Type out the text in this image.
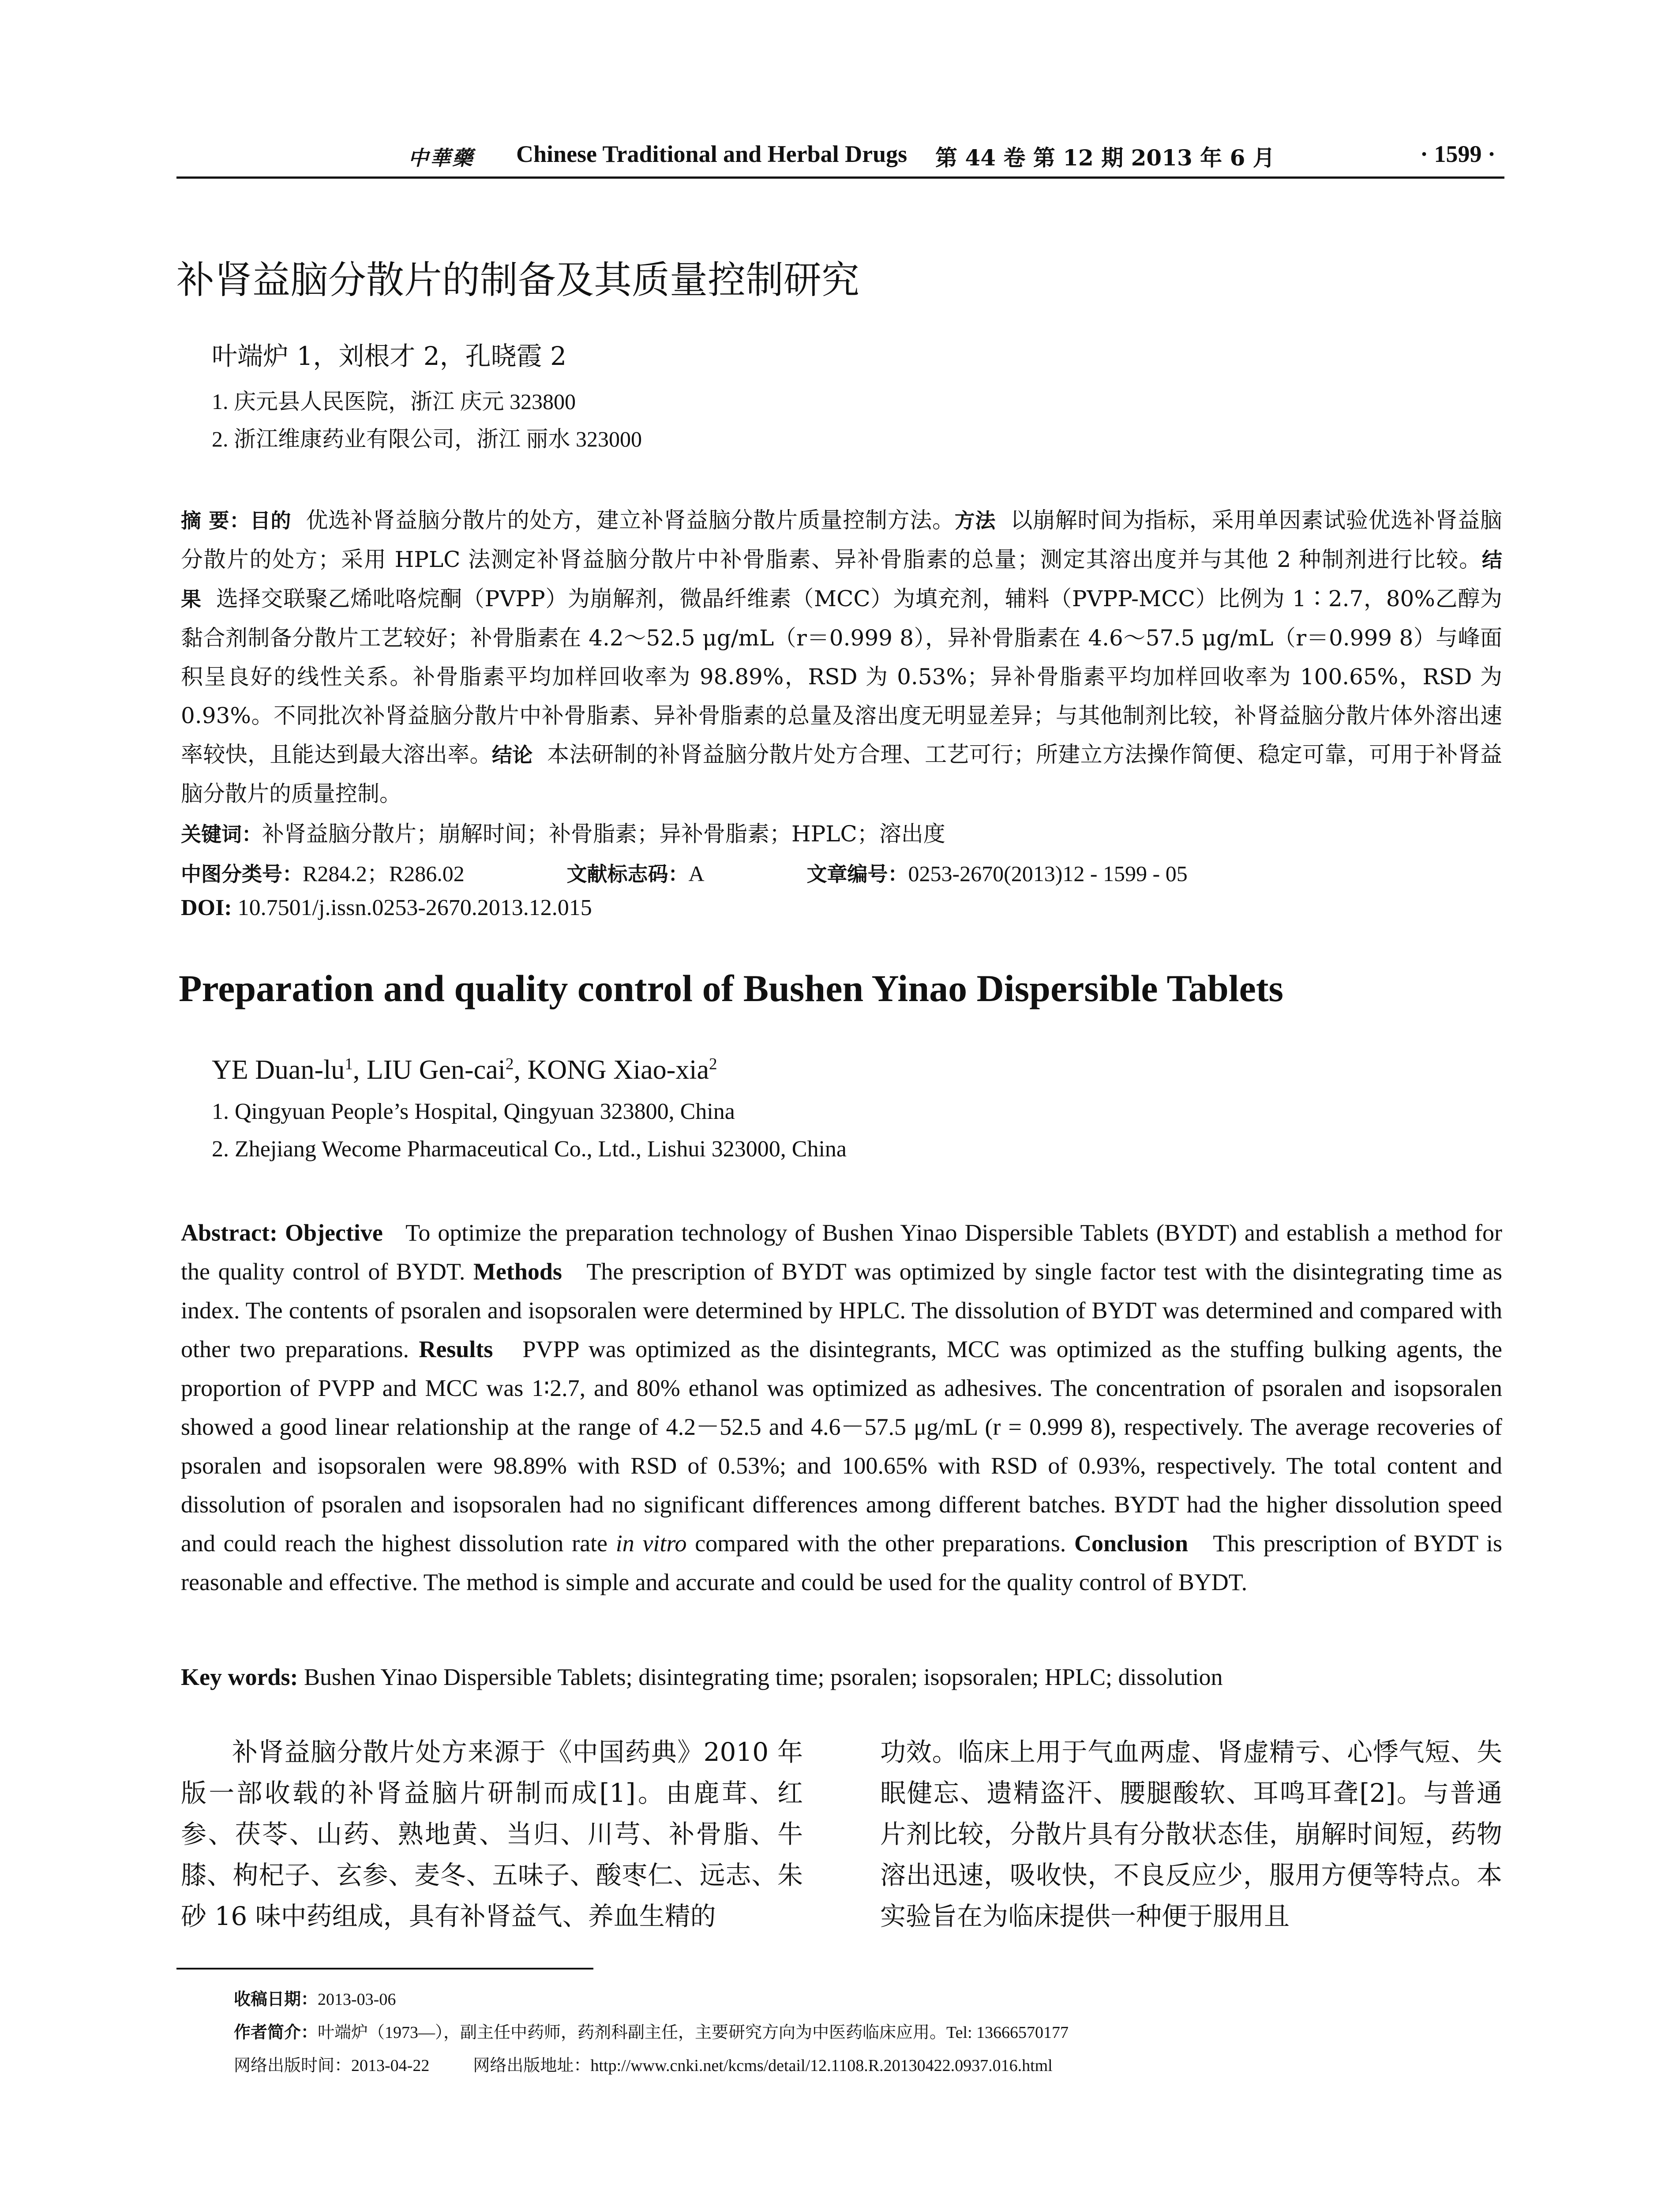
中華藥 Chinese Traditional and Herbal Drugs 第 44 卷 第 12 期 2013 年 6 月	· 1599 ·
补肾益脑分散片的制备及其质量控制研究
叶端炉 1，刘根才 2，孔晓霞 2
1. 庆元县人民医院，浙江 庆元 323800
2. 浙江维康药业有限公司，浙江 丽水 323000
摘 要：目的 优选补肾益脑分散片的处方，建立补肾益脑分散片质量控制方法。方法 以崩解时间为指标，采用单因素试验优选补肾益脑分散片的处方；采用 HPLC 法测定补肾益脑分散片中补骨脂素、异补骨脂素的总量；测定其溶出度并与其他 2 种制剂进行比较。结果 选择交联聚乙烯吡咯烷酮（PVPP）为崩解剂，微晶纤维素（MCC）为填充剂，辅料（PVPP-MCC）比例为 1∶2.7，80%乙醇为黏合剂制备分散片工艺较好；补骨脂素在 4.2～52.5 μg/mL（r＝0.999 8），异补骨脂素在 4.6～57.5 μg/mL（r＝0.999 8）与峰面积呈良好的线性关系。补骨脂素平均加样回收率为 98.89%，RSD 为 0.53%；异补骨脂素平均加样回收率为 100.65%，RSD 为 0.93%。不同批次补肾益脑分散片中补骨脂素、异补骨脂素的总量及溶出度无明显差异；与其他制剂比较，补肾益脑分散片体外溶出速率较快，且能达到最大溶出率。结论 本法研制的补肾益脑分散片处方合理、工艺可行；所建立方法操作简便、稳定可靠，可用于补肾益脑分散片的质量控制。
关键词：补肾益脑分散片；崩解时间；补骨脂素；异补骨脂素；HPLC；溶出度
中图分类号：R284.2；R286.02	文献标志码：A	文章编号：0253-2670(2013)12 - 1599 - 05
DOI: 10.7501/j.issn.0253-2670.2013.12.015
Preparation and quality control of Bushen Yinao Dispersible Tablets
YE Duan-$lu^1$, LIU Gen-cai$^2$, KONG Xiao-xia$^2$
1. Qingyuan People’s Hospital, Qingyuan 323800, China
2. Zhejiang Wecome Pharmaceutical Co., Ltd., Lishui 323000, China
Abstract: Objective To optimize the preparation technology of Bushen Yinao Dispersible Tablets (BYDT) and establish a method for the quality control of BYDT. Methods The prescription of BYDT was optimized by single factor test with the disintegrating time as index. The contents of psoralen and isopsoralen were determined by HPLC. The dissolution of BYDT was determined and compared with other two preparations. Results PVPP was optimized as the disintegrants, MCC was optimized as the stuffing bulking agents, the proportion of PVPP and MCC was 1∶2.7, and 80% ethanol was optimized as adhesives. The concentration of psoralen and isopsoralen showed a good linear relationship at the range of 4.2－52.5 and 4.6－57.5 μg/mL (r = 0.999 8), respectively. The average recoveries of psoralen and isopsoralen were 98.89% with RSD of 0.53%; and 100.65% with RSD of 0.93%, respectively. The total content and dissolution of psoralen and isopsoralen had no significant differences among different batches. BYDT had the higher dissolution speed and could reach the highest dissolution rate in vitro compared with the other preparations. Conclusion This prescription of BYDT is reasonable and effective. The method is simple and accurate and could be used for the quality control of BYDT.
Key words: Bushen Yinao Dispersible Tablets; disintegrating time; psoralen; isopsoralen; HPLC; dissolution
补肾益脑分散片处方来源于《中国药典》2010 年版一部收载的补肾益脑片研制而成[1]。由鹿茸、红参、茯苓、山药、熟地黄、当归、川芎、补骨脂、牛膝、枸杞子、玄参、麦冬、五味子、酸枣仁、远志、朱砂 16 味中药组成，具有补肾益气、养血生精的
功效。临床上用于气血两虚、肾虚精亏、心悸气短、失眠健忘、遗精盗汗、腰腿酸软、耳鸣耳聋[2]。与普通片剂比较，分散片具有分散状态佳，崩解时间短，药物溶出迅速，吸收快，不良反应少，服用方便等特点。本实验旨在为临床提供一种便于服用且
收稿日期：2013-03-06
作者简介：叶端炉（1973—），副主任中药师，药剂科副主任，主要研究方向为中医药临床应用。Tel: 13666570177
网络出版时间：2013-04-22	网络出版地址：http://www.cnki.net/kcms/detail/12.1108.R.20130422.0937.016.html
